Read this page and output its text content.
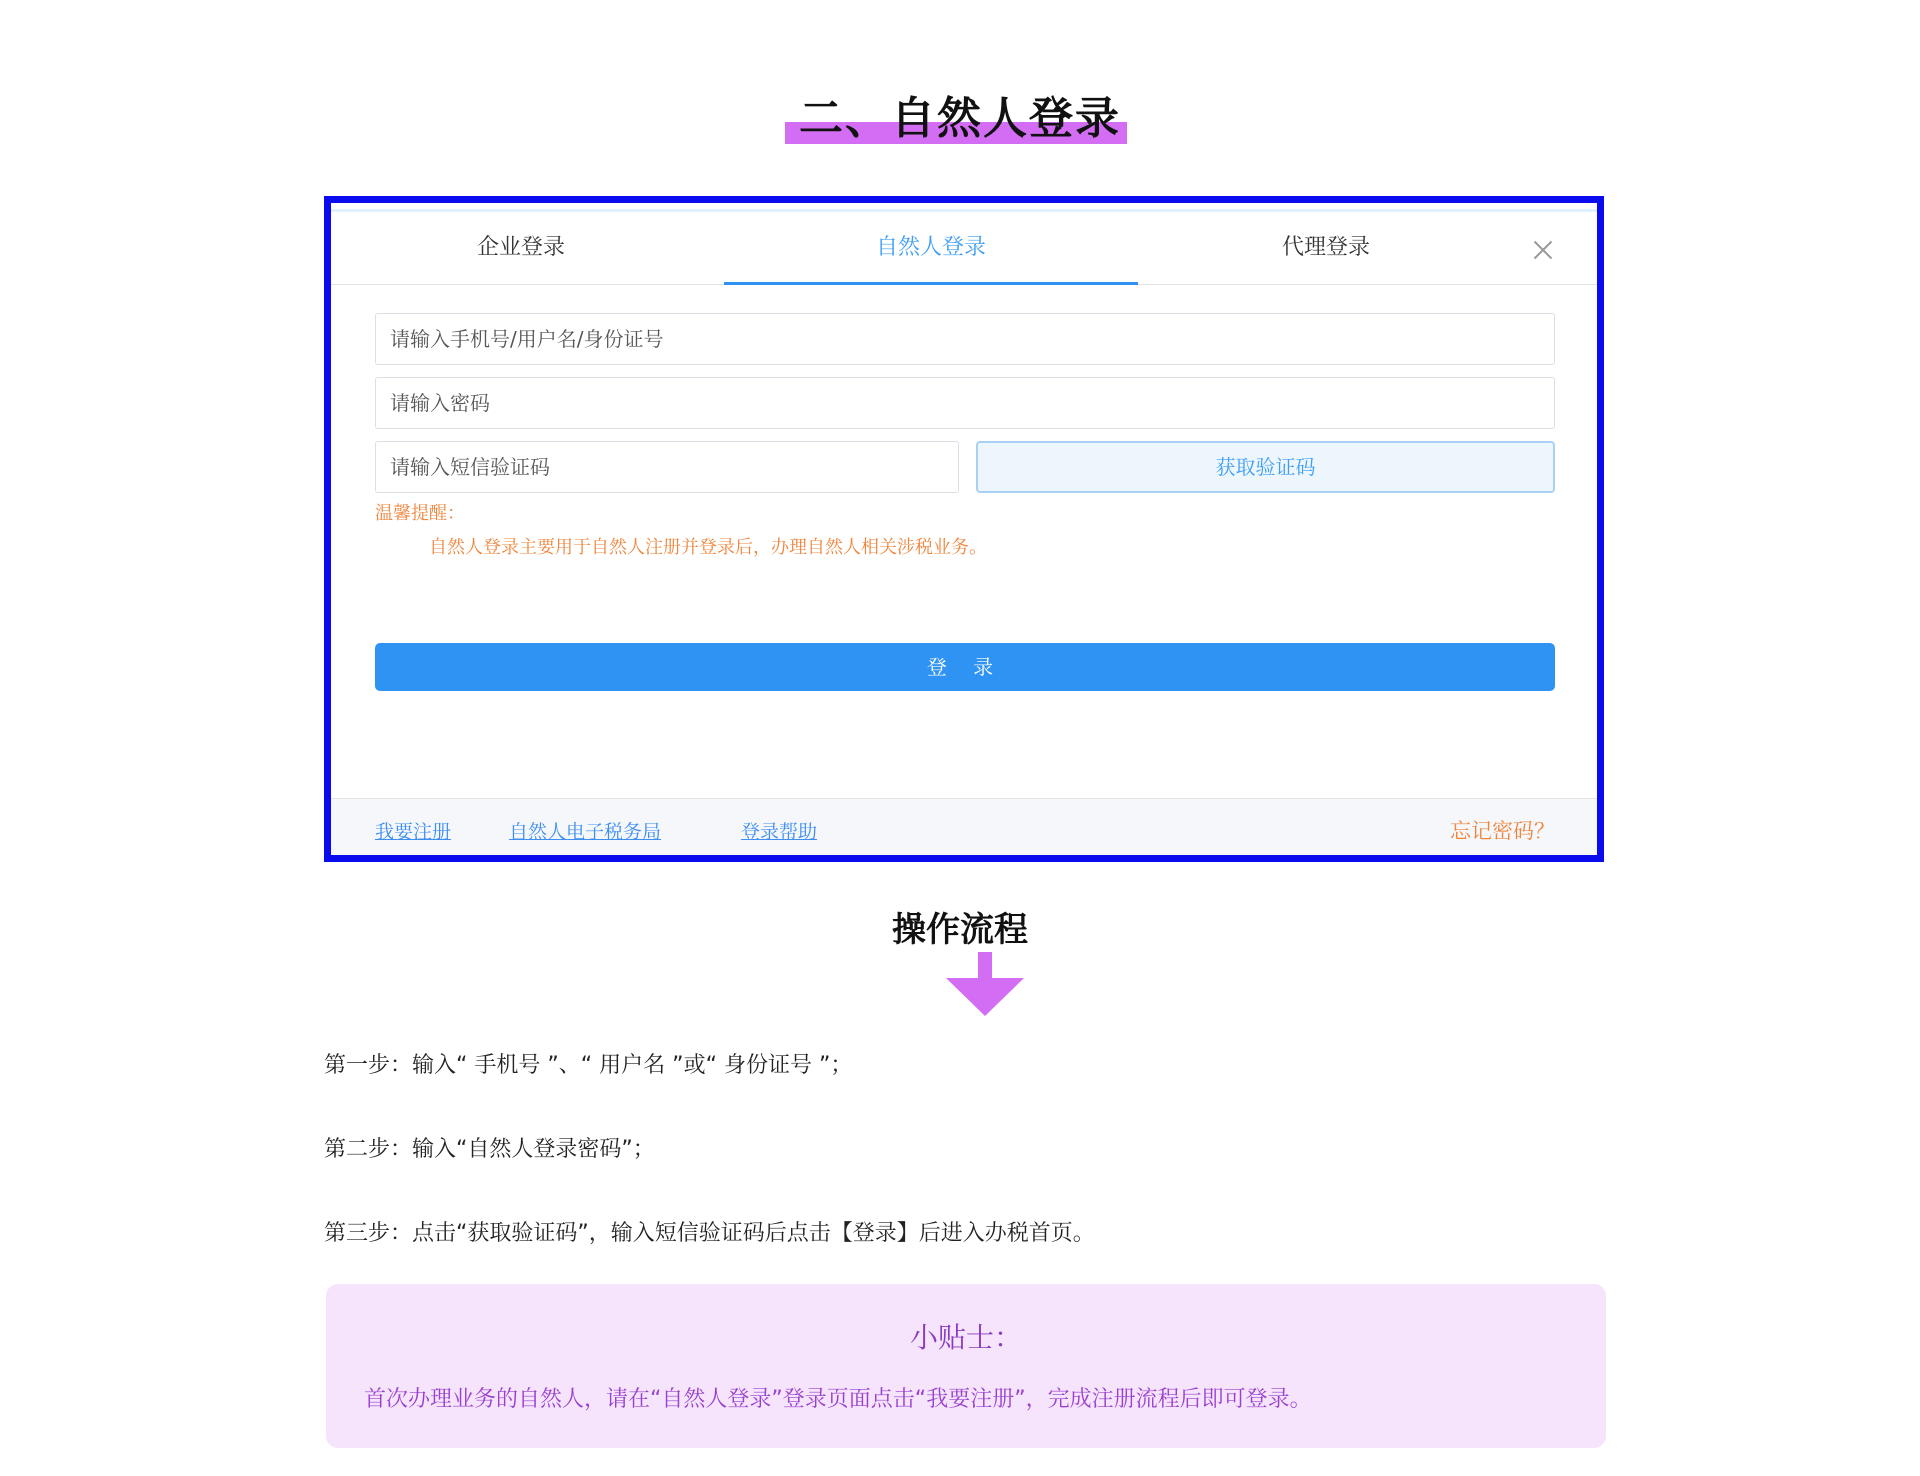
二、自然人登录
企业登录	自然人登录	代理登录
请输入手机号/用户名/身份证号
请输入密码
请输入短信验证码	获取验证码
温馨提醒：
自然人登录主要用于自然人注册并登录后，办理自然人相关涉税业务。
登 录
我要注册	自然人电子税务局	登录帮助	忘记密码？
操作流程
第一步：输入“ 手机号 ”、“ 用户名 ”或“ 身份证号 ”；
第二步：输入“自然人登录密码”；
第三步：点击“获取验证码”，输入短信验证码后点击【登录】后进入办税首页。
小贴士：
首次办理业务的自然人，请在“自然人登录”登录页面点击“我要注册”，完成注册流程后即可登录。
